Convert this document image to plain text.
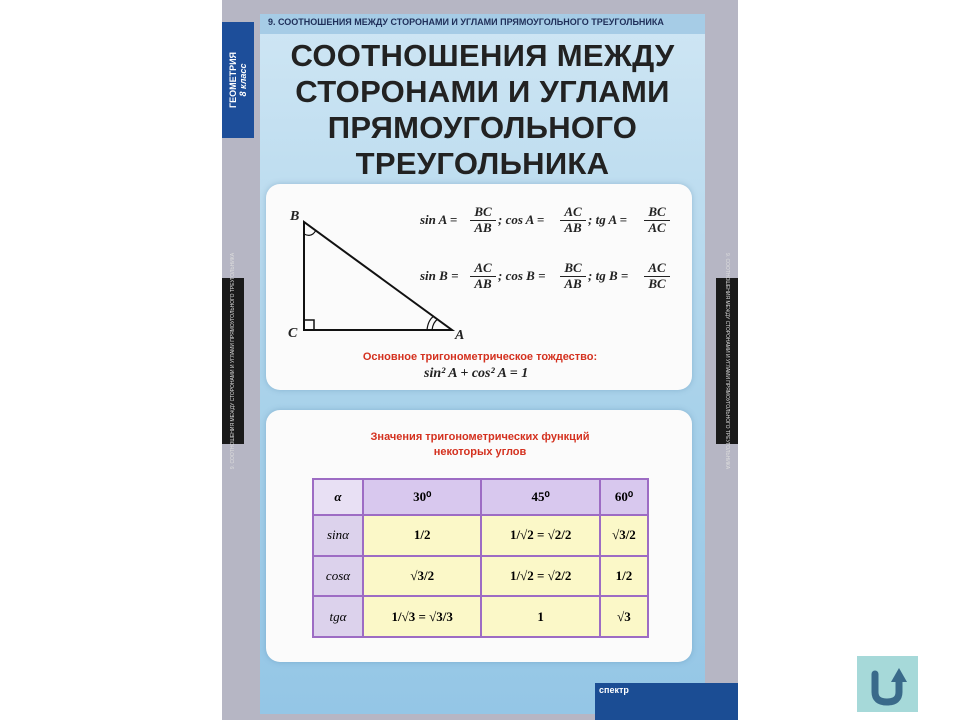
9. СООТНОШЕНИЯ МЕЖДУ СТОРОНАМИ И УГЛАМИ ПРЯМОУГОЛЬНОГО ТРЕУГОЛЬНИКА
ГЕОМЕТРИЯ
8 класс
9. СООТНОШЕНИЯ МЕЖДУ СТОРОНАМИ И УГЛАМИ ПРЯМОУГОЛЬНОГО ТРЕУГОЛЬНИКА	9. СООТНОШЕНИЯ МЕЖДУ СТОРОНАМИ И УГЛАМИ ПРЯМОУГОЛЬНОГО ТРЕУГОЛЬНИКА
СООТНОШЕНИЯ МЕЖДУ
СТОРОНАМИ И УГЛАМИ
ПРЯМОУГОЛЬНОГО
ТРЕУГОЛЬНИКА
B
C	A
sin A =
BC
AB
; cos A =
AC
AB
; tg A =
BC
AC
sin B =
AC
AB
; cos B =
BC
AB
; tg B =
AC
BC
Основное тригонометрическое тождество:
sin² A + cos² A = 1
Значения тригонометрических функций
некоторых углов
α	30⁰	45⁰	60⁰
sinα	1/2	1/√2 = √2/2	√3/2
cosα	√3/2	1/√2 = √2/2	1/2
tgα	1/√3 = √3/3	1	√3
спектр
